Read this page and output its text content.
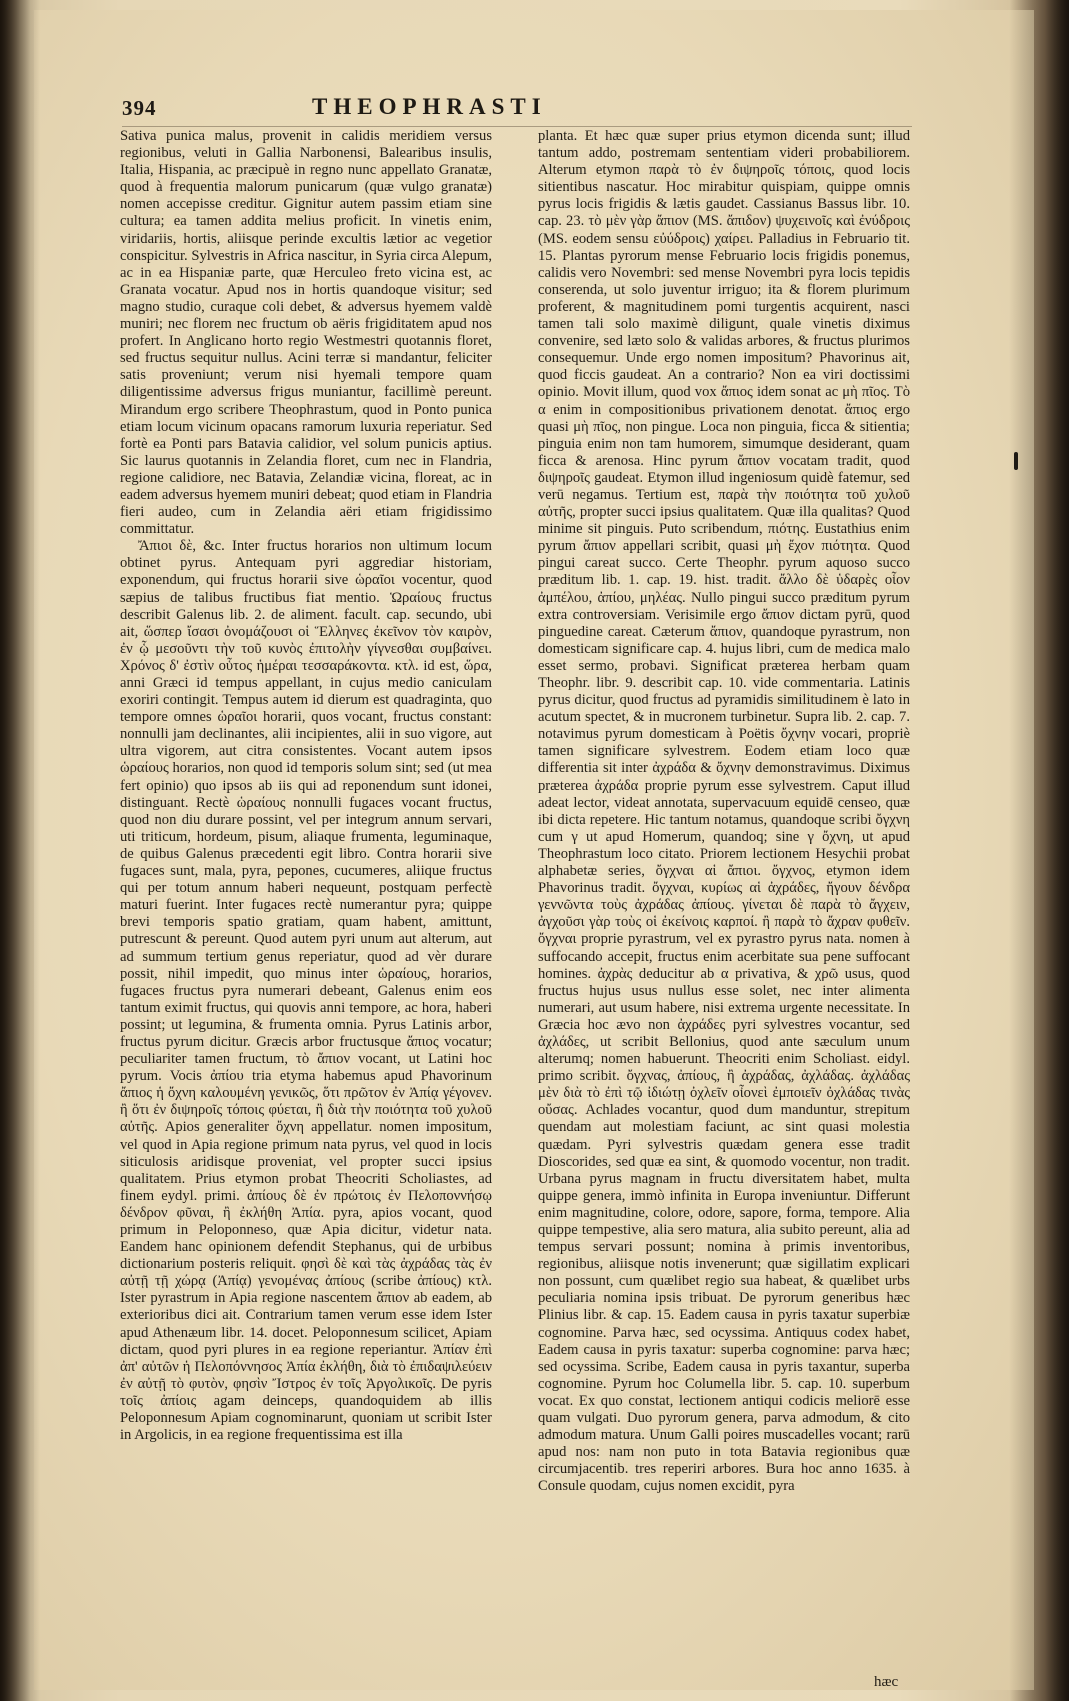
394	THEOPHRASTI

Sativa punica malus, provenit in calidis meridiem versus regionibus, veluti in Gallia Narbonensi, Balearibus insulis, Italia, Hispania, ac præcipuè in regno nunc appellato Granatæ, quod à frequentia malorum punicarum (quæ vulgo granatæ) nomen accepisse creditur. Gignitur autem passim etiam sine cultura; ea tamen addita melius proficit. In vinetis enim, viridariis, hortis, aliisque perinde excultis lætior ac vegetior conspicitur. Sylvestris in Africa nascitur, in Syria circa Alepum, ac in ea Hispaniæ parte, quæ Herculeo freto vicina est, ac Granata vocatur. Apud nos in hortis quandoque visitur; sed magno studio, curaque coli debet, & adversus hyemem valdè muniri; nec florem nec fructum ob aëris frigiditatem apud nos profert. In Anglicano horto regio Westmestri quotannis floret, sed fructus sequitur nullus. Acini terræ si mandantur, feliciter satis proveniunt; verum nisi hyemali tempore quam diligentissime adversus frigus muniantur, facillimè pereunt. Mirandum ergo scribere Theophrastum, quod in Ponto punica etiam locum vicinum opacans ramorum luxuria reperiatur. Sed fortè ea Ponti pars Batavia calidior, vel solum punicis aptius. Sic laurus quotannis in Zelandia floret, cum nec in Flandria, regione calidiore, nec Batavia, Zelandiæ vicina, floreat, ac in eadem adversus hyemem muniri debeat; quod etiam in Flandria fieri audeo, cum in Zelandia aëri etiam frigidissimo committatur.

Ἄπιοι δὲ, &c. Inter fructus horarios non ultimum locum obtinet pyrus. Antequam pyri aggrediar historiam, exponendum, qui fructus horarii sive ὡραῖοι vocentur, quod sæpius de talibus fructibus fiat mentio. Ὡραίους fructus describit Galenus lib. 2. de aliment. facult. cap. secundo, ubi ait, ὥσπερ ἴσασι ὀνομάζουσι οἱ Ἕλληνες ἐκεῖνον τὸν καιρὸν, ἐν ᾧ μεσοῦντι τὴν τοῦ κυνὸς ἐπιτολὴν γίγνεσθαι συμβαίνει. Χρόνος δ' ἐστὶν οὗτος ἡμέραι τεσσαράκοντα. κτλ. id est, ὥρα, anni Græci id tempus appellant, in cujus medio caniculam exoriri contingit. Tempus autem id dierum est quadraginta, quo tempore omnes ὡραῖοι horarii, quos vocant, fructus constant: nonnulli jam declinantes, alii incipientes, alii in suo vigore, aut ultra vigorem, aut citra consistentes. Vocant autem ipsos ὡραίους horarios, non quod id temporis solum sint; sed (ut mea fert opinio) quo ipsos ab iis qui ad reponendum sunt idonei, distinguant. Rectè ὡραίους nonnulli fugaces vocant fructus, quod non diu durare possint, vel per integrum annum servari, uti triticum, hordeum, pisum, aliaque frumenta, leguminaque, de quibus Galenus præcedenti egit libro. Contra horarii sive fugaces sunt, mala, pyra, pepones, cucumeres, aliique fructus qui per totum annum haberi nequeunt, postquam perfectè maturi fuerint. Inter fugaces rectè numerantur pyra; quippe brevi temporis spatio gratiam, quam habent, amittunt, putrescunt & pereunt. Quod autem pyri unum aut alterum, aut ad summum tertium genus reperiatur, quod ad vèr durare possit, nihil impedit, quo minus inter ὡραίους, horarios, fugaces fructus pyra numerari debeant, Galenus enim eos tantum eximit fructus, qui quovis anni tempore, ac hora, haberi possint; ut legumina, & frumenta omnia. Pyrus Latinis arbor, fructus pyrum dicitur. Græcis arbor fructusque ἄπιος vocatur; peculiariter tamen fructum, τὸ ἄπιον vocant, ut Latini hoc pyrum. Vocis ἀπίου tria etyma habemus apud Phavorinum ἄπιος ἡ ὄχνη καλουμένη γενικῶς, ὅτι πρῶτον ἐν Ἀπίᾳ γέγονεν. ἢ ὅτι ἐν διψηροῖς τόποις φύεται, ἢ διὰ τὴν ποιότητα τοῦ χυλοῦ αὐτῆς. Apios generaliter ὄχνη appellatur. nomen impositum, vel quod in Apia regione primum nata pyrus, vel quod in locis siticulosis aridisque proveniat, vel propter succi ipsius qualitatem. Prius etymon probat Theocriti Scholiastes, ad finem eydyl. primi. ἀπίους δὲ ἐν πρώτοις ἐν Πελοποννήσῳ δένδρον φῦναι, ἢ ἐκλήθη Ἀπία. pyra, apios vocant, quod primum in Peloponneso, quæ Apia dicitur, videtur nata. Eandem hanc opinionem defendit Stephanus, qui de urbibus dictionarium posteris reliquit. φησὶ δὲ καὶ τὰς ἀχράδας τὰς ἐν αὐτῇ τῇ χώρᾳ (Ἀπίᾳ) γενομένας ἀπίους (scribe ἀπίους) κτλ. Ister pyrastrum in Apia regione nascentem ἄπιον ab eadem, ab exterioribus dici ait. Contrarium tamen verum esse idem Ister apud Athenæum libr. 14. docet. Peloponnesum scilicet, Apiam dictam, quod pyri plures in ea regione reperiantur. Ἀπίαν ἐπὶ ἀπ' αὐτῶν ἡ Πελοπόννησος Ἀπία ἐκλήθη, διὰ τὸ ἐπιδαψιλεύειν ἐν αὐτῇ τὸ φυτὸν, φησὶν Ἴστρος ἐν τοῖς Ἀργολικοῖς. De pyris τοῖς ἀπίοις agam deinceps, quandoquidem ab illis Peloponnesum Apiam cognominarunt, quoniam ut scribit Ister in Argolicis, in ea regione frequentissima est illa

planta. Et hæc quæ super prius etymon dicenda sunt; illud tantum addo, postremam sententiam videri probabiliorem. Alterum etymon παρὰ τὸ ἐν διψηροῖς τόποις, quod locis sitientibus nascatur. Hoc mirabitur quispiam, quippe omnis pyrus locis frigidis & lætis gaudet. Cassianus Bassus libr. 10. cap. 23. τὸ μὲν γὰρ ἄπιον (MS. ἄπιδον) ψυχεινοῖς καὶ ἐνύδροις (MS. eodem sensu εὐύδροις) χαίρει. Palladius in Februario tit. 15. Plantas pyrorum mense Februario locis frigidis ponemus, calidis vero Novembri: sed mense Novembri pyra locis tepidis conserenda, ut solo juventur irriguo; ita & florem plurimum proferent, & magnitudinem pomi turgentis acquirent, nasci tamen tali solo maximè diligunt, quale vinetis diximus convenire, sed læto solo & validas arbores, & fructus plurimos consequemur. Unde ergo nomen impositum? Phavorinus ait, quod ficcis gaudeat. An a contrario? Non ea viri doctissimi opinio. Movit illum, quod vox ἄπιος idem sonat ac μὴ πῖος. Τὸ α enim in compositionibus privationem denotat. ἄπιος ergo quasi μὴ πῖος, non pingue. Loca non pinguia, ficca & sitientia; pinguia enim non tam humorem, simumque desiderant, quam ficca & arenosa. Hinc pyrum ἄπιον vocatam tradit, quod διψηροῖς gaudeat. Etymon illud ingeniosum quidè fatemur, sed verū negamus. Tertium est, παρὰ τὴν ποιότητα τοῦ χυλοῦ αὐτῆς, propter succi ipsius qualitatem. Quæ illa qualitas? Quod minime sit pinguis. Puto scribendum, πιότης. Eustathius enim pyrum ἄπιον appellari scribit, quasi μὴ ἔχον πιότητα. Quod pingui careat succo. Certe Theophr. pyrum aquoso succo præditum lib. 1. cap. 19. hist. tradit. ἄλλο δὲ ὑδαρὲς οἷον ἀμπέλου, ἀπίου, μηλέας. Nullo pingui succo præditum pyrum extra controversiam. Verisimile ergo ἄπιον dictam pyrū, quod pinguedine careat. Cæterum ἄπιον, quandoque pyrastrum, non domesticam significare cap. 4. hujus libri, cum de medica malo esset sermo, probavi. Significat præterea herbam quam Theophr. libr. 9. describit cap. 10. vide commentaria. Latinis pyrus dicitur, quod fructus ad pyramidis similitudinem è lato in acutum spectet, & in mucronem turbinetur. Supra lib. 2. cap. 7. notavimus pyrum domesticam à Poëtis ὄχνην vocari, propriè tamen significare sylvestrem. Eodem etiam loco quæ differentia sit inter ἀχράδα & ὄχνην demonstravimus. Diximus præterea ἀχράδα proprie pyrum esse sylvestrem. Caput illud adeat lector, videat annotata, supervacuum equidē censeo, quæ ibi dicta repetere. Hic tantum notamus, quandoque scribi ὄγχνη cum γ ut apud Homerum, quandoq; sine γ ὄχνη, ut apud Theophrastum loco citato. Priorem lectionem Hesychii probat alphabetæ series, ὄγχναι αἱ ἄπιοι. ὄγχνος, etymon idem Phavorinus tradit. ὄγχναι, κυρίως αἱ ἀχράδες, ἤγουν δένδρα γεννῶντα τοὺς ἀχράδας ἀπίους. γίνεται δὲ παρὰ τὸ ἄγχειν, ἀγχοῦσι γὰρ τοὺς οἱ ἐκείνοις καρποί. ἢ παρὰ τὸ ἄχραν φυθεῖν. ὄγχναι proprie pyrastrum, vel ex pyrastro pyrus nata. nomen à suffocando accepit, fructus enim acerbitate sua pene suffocant homines. ἀχρὰς deducitur ab α privativa, & χρῶ usus, quod fructus hujus usus nullus esse solet, nec inter alimenta numerari, aut usum habere, nisi extrema urgente necessitate. In Græcia hoc ævo non ἀχράδες pyri sylvestres vocantur, sed ἀχλάδες, ut scribit Bellonius, quod ante sæculum unum alterumq; nomen habuerunt. Theocriti enim Scholiast. eidyl. primo scribit. ὄγχνας, ἀπίους, ἢ ἀχράδας, ἀχλάδας. ἀχλάδας μὲν διὰ τὸ ἐπὶ τῷ ἰδιώτῃ ὀχλεῖν οἶονεὶ ἐμποιεῖν ὀχλάδας τινὰς οὔσας. Achlades vocantur, quod dum manduntur, strepitum quendam aut molestiam faciunt, ac sint quasi molestia quædam. Pyri sylvestris quædam genera esse tradit Dioscorides, sed quæ ea sint, & quomodo vocentur, non tradit. Urbana pyrus magnam in fructu diversitatem habet, multa quippe genera, immò infinita in Europa inveniuntur. Differunt enim magnitudine, colore, odore, sapore, forma, tempore. Alia quippe tempestive, alia sero matura, alia subito pereunt, alia ad tempus servari possunt; nomina à primis inventoribus, regionibus, aliisque notis invenerunt; quæ sigillatim explicari non possunt, cum quælibet regio sua habeat, & quælibet urbs peculiaria nomina ipsis tribuat. De pyrorum generibus hæc Plinius libr. & cap. 15. Eadem causa in pyris taxatur superbiæ cognomine. Parva hæc, sed ocyssima. Antiquus codex habet, Eadem causa in pyris taxatur: superba cognomine: parva hæc; sed ocyssima. Scribe, Eadem causa in pyris taxantur, superba cognomine. Pyrum hoc Columella libr. 5. cap. 10. superbum vocat. Ex quo constat, lectionem antiqui codicis meliorē esse quam vulgati. Duo pyrorum genera, parva admodum, & cito admodum matura. Unum Galli poires muscadelles vocant; rarū apud nos: nam non puto in tota Batavia regionibus quæ circumjacentib. tres reperiri arbores. Bura hoc anno 1635. à Consule quodam, cujus nomen excidit, pyra

hæc
